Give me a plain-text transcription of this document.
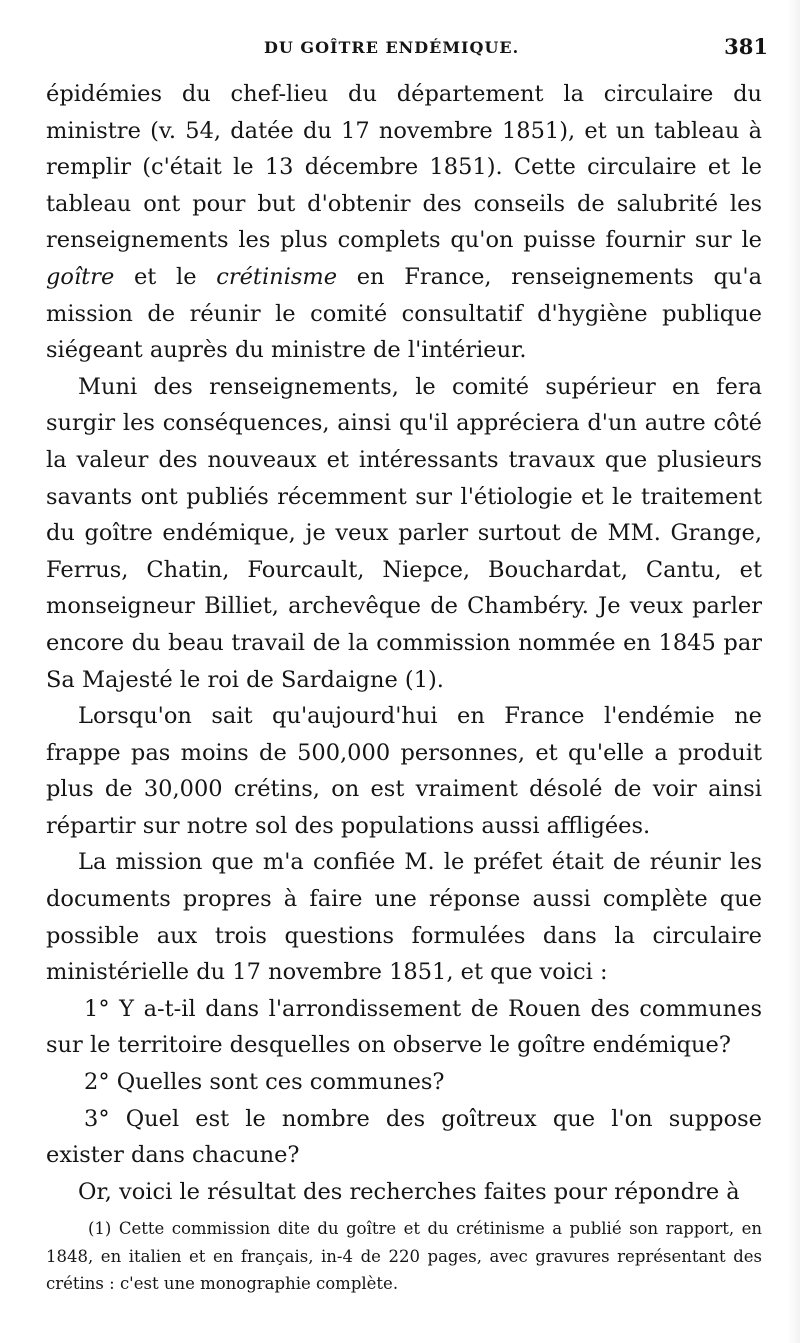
DU GOÎTRE ENDÉMIQUE.	381

épidémies du chef-lieu du département la circulaire du ministre (v. 54, datée du 17 novembre 1851), et un tableau à remplir (c'était le 13 décembre 1851). Cette circulaire et le tableau ont pour but d'obtenir des conseils de salubrité les renseignements les plus complets qu'on puisse fournir sur le goître et le crétinisme en France, renseignements qu'a mission de réunir le comité consultatif d'hygiène publique siégeant auprès du ministre de l'intérieur.

Muni des renseignements, le comité supérieur en fera surgir les conséquences, ainsi qu'il appréciera d'un autre côté la valeur des nouveaux et intéressants travaux que plusieurs savants ont publiés récemment sur l'étiologie et le traitement du goître endémique, je veux parler surtout de MM. Grange, Ferrus, Chatin, Fourcault, Niepce, Bouchardat, Cantu, et monseigneur Billiet, archevêque de Chambéry. Je veux parler encore du beau travail de la commission nommée en 1845 par Sa Majesté le roi de Sardaigne (1).

Lorsqu'on sait qu'aujourd'hui en France l'endémie ne frappe pas moins de 500,000 personnes, et qu'elle a produit plus de 30,000 crétins, on est vraiment désolé de voir ainsi répartir sur notre sol des populations aussi affligées.

La mission que m'a confiée M. le préfet était de réunir les documents propres à faire une réponse aussi complète que possible aux trois questions formulées dans la circulaire ministérielle du 17 novembre 1851, et que voici :

1° Y a-t-il dans l'arrondissement de Rouen des communes sur le territoire desquelles on observe le goître endémique?

2° Quelles sont ces communes?

3° Quel est le nombre des goîtreux que l'on suppose exister dans chacune?

Or, voici le résultat des recherches faites pour répondre à

(1) Cette commission dite du goître et du crétinisme a publié son rapport, en 1848, en italien et en français, in-4 de 220 pages, avec gravures représentant des crétins : c'est une monographie complète.
